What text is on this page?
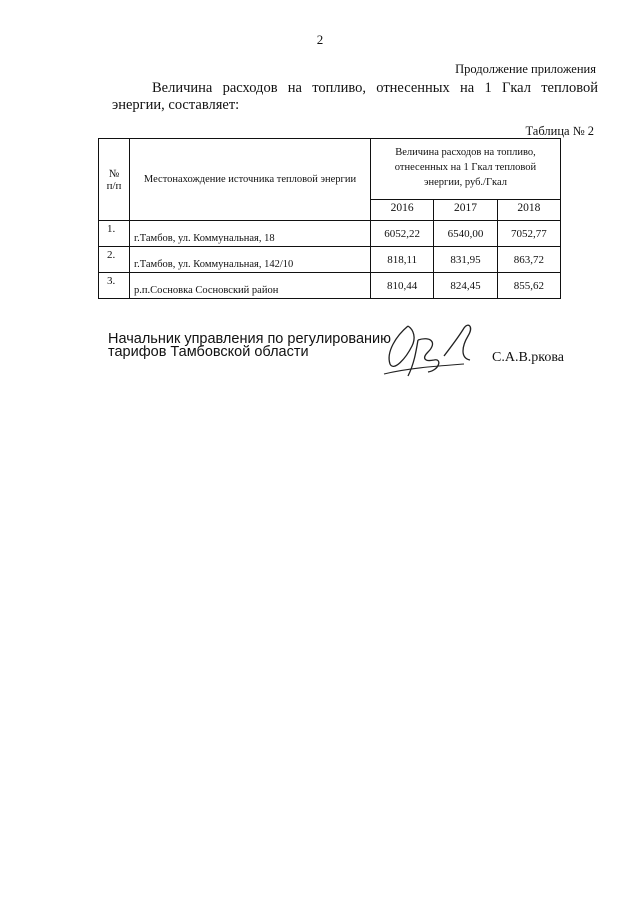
2
Продолжение приложения
Величина расходов на топливо, отнесенных на 1 Гкал тепловой
энергии, составляет:
Таблица № 2
№ п/п	Местонахождение источника тепловой энергии	Величина расходов на топливо, отнесенных на 1 Гкал тепловой энергии, руб./Гкал		
		2016	2017	2018
1.	г.Тамбов, ул. Коммунальная, 18	6052,22	6540,00	7052,77
2.	г.Тамбов, ул. Коммунальная, 142/10	818,11	831,95	863,72
3.	р.п.Сосновка Сосновский район	810,44	824,45	855,62
Начальник управления по регулированию
тарифов Тамбовской области	С.А.В.ркова
